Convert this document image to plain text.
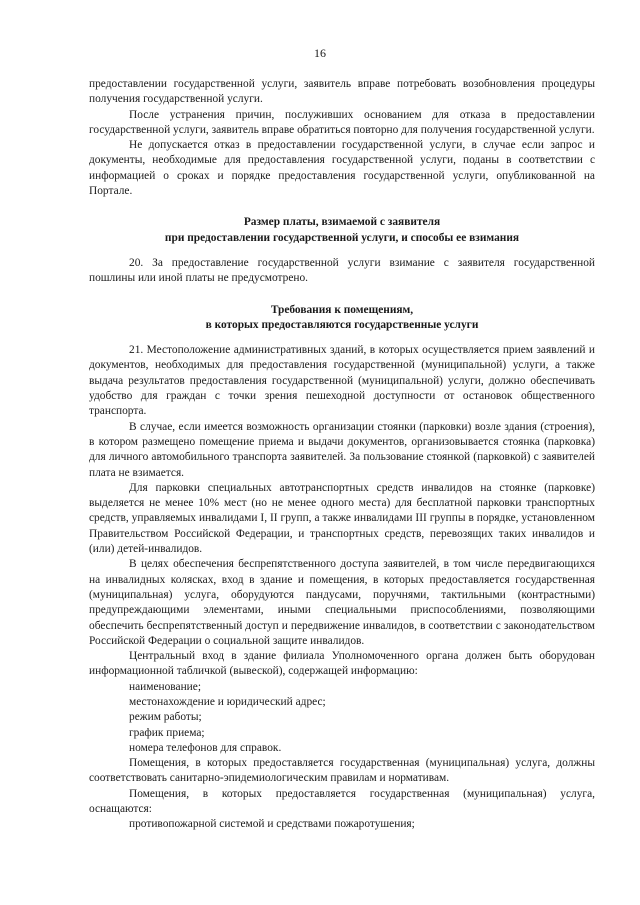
16

предоставлении государственной услуги, заявитель вправе потребовать возобновления процедуры получения государственной услуги.

После устранения причин, послуживших основанием для отказа в предоставлении государственной услуги, заявитель вправе обратиться повторно для получения государственной услуги.

Не допускается отказ в предоставлении государственной услуги, в случае если запрос и документы, необходимые для предоставления государственной услуги, поданы в соответствии с информацией о сроках и порядке предоставления государственной услуги, опубликованной на Портале.

Размер платы, взимаемой с заявителя

при предоставлении государственной услуги, и способы ее взимания

20. За предоставление государственной услуги взимание с заявителя государственной пошлины или иной платы не предусмотрено.

Требования к помещениям,

в которых предоставляются государственные услуги

21. Местоположение административных зданий, в которых осуществляется прием заявлений и документов, необходимых для предоставления государственной (муниципальной) услуги, а также выдача результатов предоставления государственной (муниципальной) услуги, должно обеспечивать удобство для граждан с точки зрения пешеходной доступности от остановок общественного транспорта.

В случае, если имеется возможность организации стоянки (парковки) возле здания (строения), в котором размещено помещение приема и выдачи документов, организовывается стоянка (парковка) для личного автомобильного транспорта заявителей. За пользование стоянкой (парковкой) с заявителей плата не взимается.

Для парковки специальных автотранспортных средств инвалидов на стоянке (парковке) выделяется не менее 10% мест (но не менее одного места) для бесплатной парковки транспортных средств, управляемых инвалидами I, II групп, а также инвалидами III группы в порядке, установленном Правительством Российской Федерации, и транспортных средств, перевозящих таких инвалидов и (или) детей-инвалидов.

В целях обеспечения беспрепятственного доступа заявителей, в том числе передвигающихся на инвалидных колясках, вход в здание и помещения, в которых предоставляется государственная (муниципальная) услуга, оборудуются пандусами, поручнями, тактильными (контрастными) предупреждающими элементами, иными специальными приспособлениями, позволяющими обеспечить беспрепятственный доступ и передвижение инвалидов, в соответствии с законодательством Российской Федерации о социальной защите инвалидов.

Центральный вход в здание филиала Уполномоченного органа должен быть оборудован информационной табличкой (вывеской), содержащей информацию:

наименование;

местонахождение и юридический адрес;

режим работы;

график приема;

номера телефонов для справок.

Помещения, в которых предоставляется государственная (муниципальная) услуга, должны соответствовать санитарно-эпидемиологическим правилам и нормативам.

Помещения, в которых предоставляется государственная (муниципальная) услуга, оснащаются:

противопожарной системой и средствами пожаротушения;
